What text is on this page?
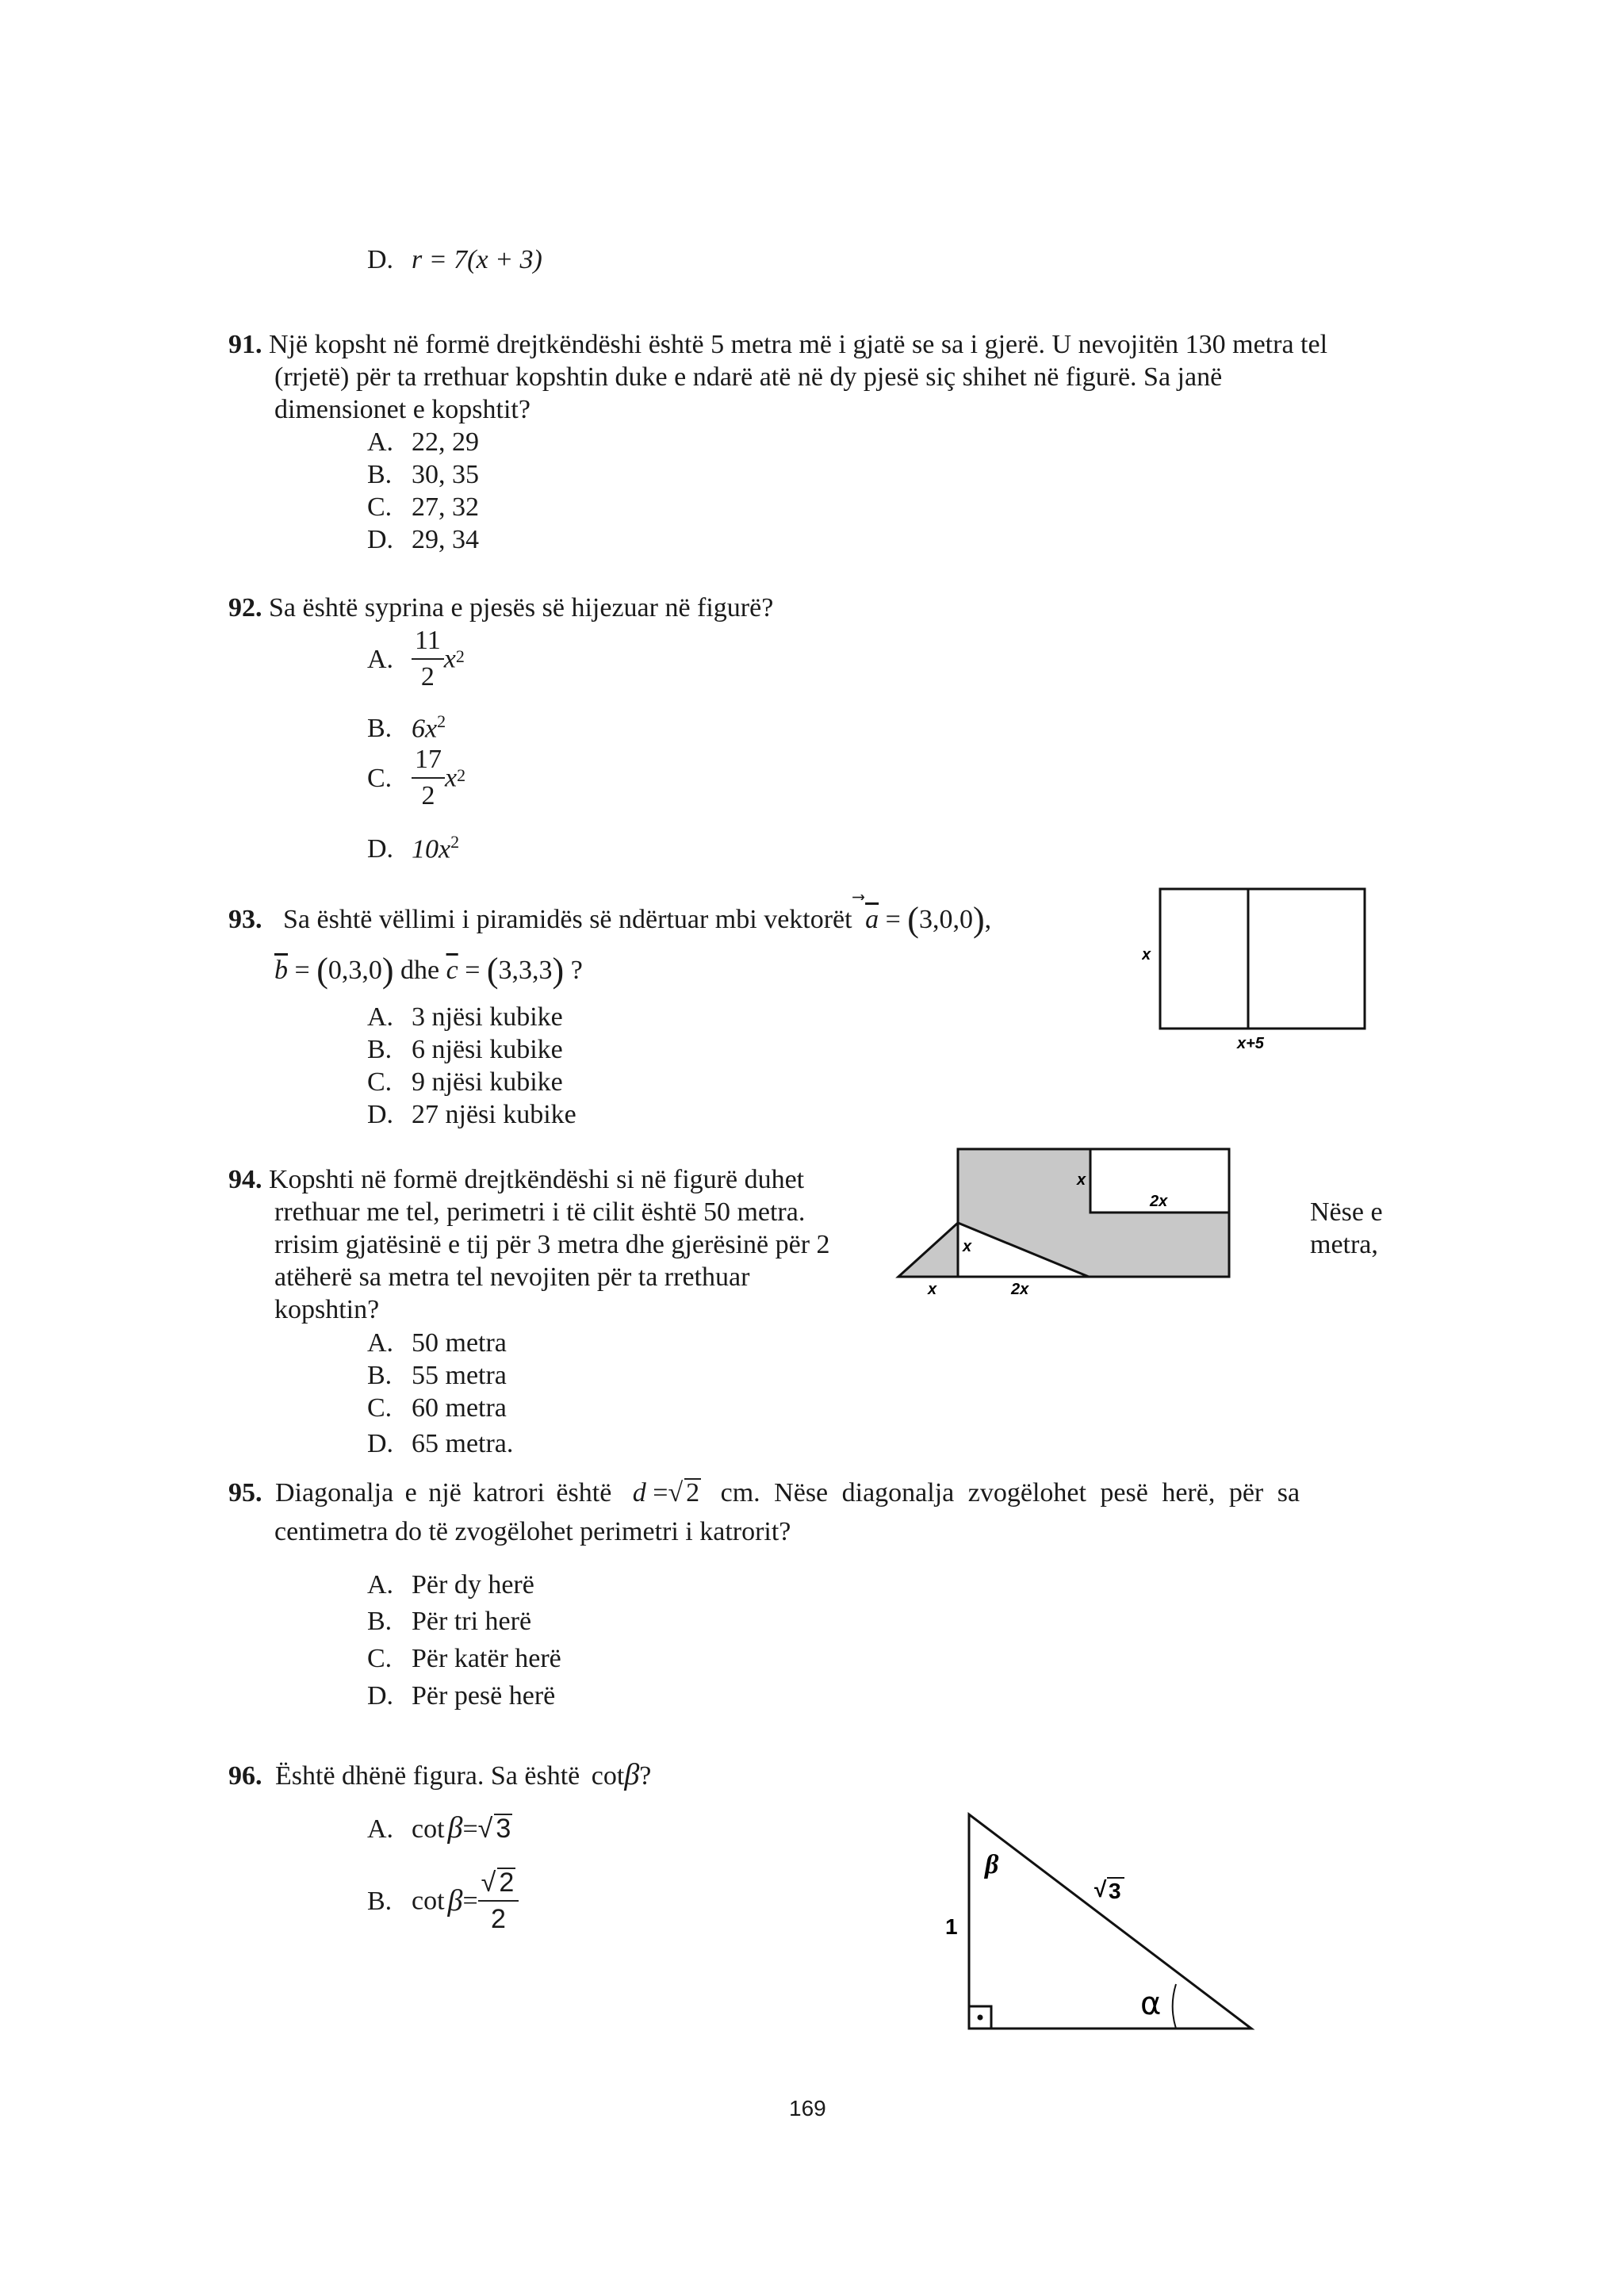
D. r = 7(x + 3)
91. Një kopsht në formë drejtkëndëshi është 5 metra më i gjatë se sa i gjerë. U nevojitën 130 metra tel
(rrjetë) për ta rrethuar kopshtin duke e ndarë atë në dy pjesë siç shihet në figurë. Sa janë
dimensionet e kopshtit?
A. 22, 29
B. 30, 35
C. 27, 32
D. 29, 34
92. Sa është syprina e pjesës së hijezuar në figurë?
A. $\frac{11}{2} x^2$
B. $6x^2$
C. $\frac{17}{2} x^2$
D. $10x^2$
93. Sa është vëllimi i piramidës së ndërtuar mbi vektorët $\overline{a} = (3,0,0)$,
$\overline{b} = (0,3,0)$ dhe $\overline{c} = (3,3,3)$ ?
A. 3 njësi kubike
B. 6 njësi kubike
C. 9 njësi kubike
D. 27 njësi kubike
x
x+5
94. Kopshti në formë drejtkëndëshi si në figurë duhet
rrethuar me tel, perimetri i të cilit është 50 metra.
rrisim gjatësinë e tij për 3 metra dhe gjerësinë për 2
atëherë sa metra tel nevojiten për ta rrethuar
kopshtin?
Nëse e
metra,
A. 50 metra
B. 55 metra
C. 60 metra
D. 65 metra.
x
2x
x
x	2x
95. Diagonalja e një katrori është d =√ 2 cm. Nëse diagonalja zvogëlohet pesë herë, për sa
centimetra do të zvogëlohet perimetri i katrorit?
A. Për dy herë
B. Për tri herë
C. Për katër herë
D. Për pesë herë
96. Është dhënë figura. Sa është cotβ?
A. cot β=√ 3
B. $\cot \beta= \frac{√ 2}{2}$
β
1
√ 3
α
169
